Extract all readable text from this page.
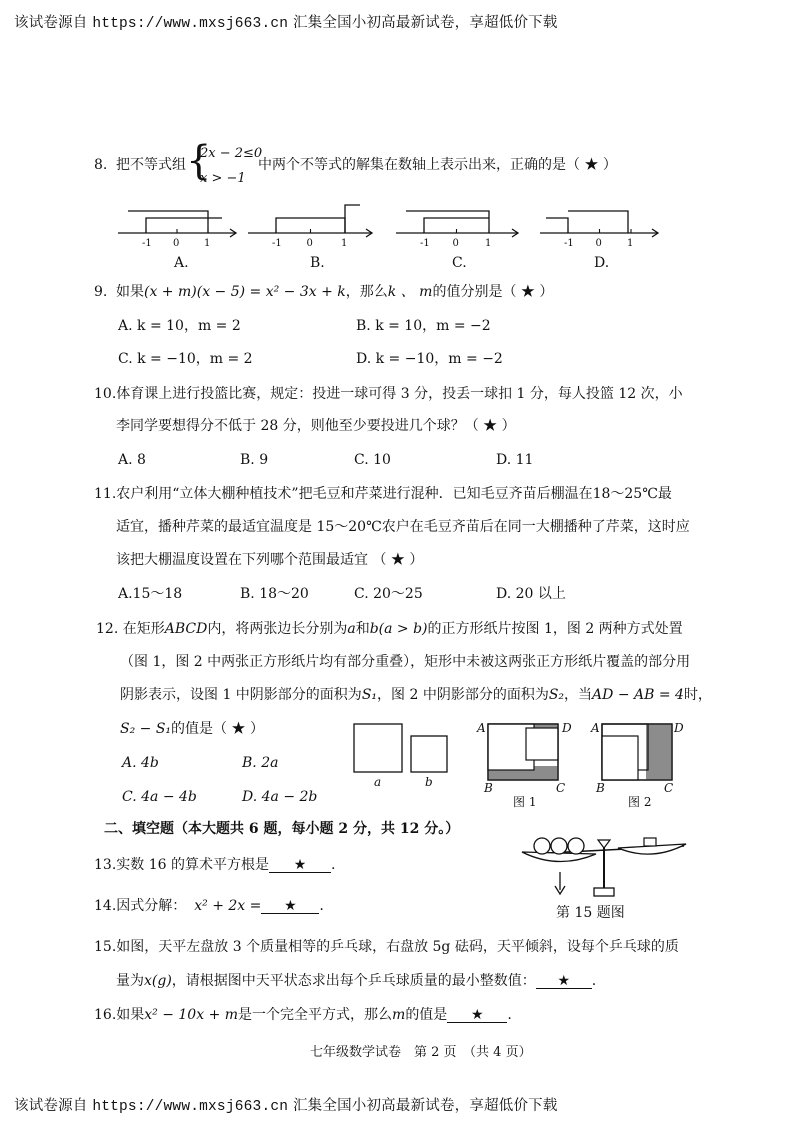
该试卷源自 https://www.mxsj663.cn 汇集全国小初高最新试卷，享超低价下载
8. 把不等式组 {
2x − 2≤0
x > −1
中两个不等式的解集在数轴上表示出来，正确的是（ ★ ）
-1 0 1	-1 0	1	-1 0	1	-1 0	1
A.	B.	C.	D.
9. 如果(x + m)(x − 5) = x² − 3x + k，那么k 、 m的值分别是（ ★ ）
A. k = 10，m = 2	B. k = 10，m = −2
C. k = −10，m = 2	D. k = −10，m = −2
10.体育课上进行投篮比赛，规定：投进一球可得 3 分，投丢一球扣 1 分，每人投篮 12 次，小
李同学要想得分不低于 28 分，则他至少要投进几个球？（ ★ ）
A. 8	B. 9	C. 10	D. 11
11.农户利用“立体大棚种植技术”把毛豆和芹菜进行混种．已知毛豆齐苗后棚温在18～25℃最
适宜，播种芹菜的最适宜温度是 15～20℃农户在毛豆齐苗后在同一大棚播种了芹菜，这时应
该把大棚温度设置在下列哪个范围最适宜 （ ★ ）
A.15～18	B. 18～20	C. 20～25	D. 20 以上
12. 在矩形ABCD内，将两张边长分别为a和b(a > b)的正方形纸片按图 1，图 2 两种方式处置
（图 1，图 2 中两张正方形纸片均有部分重叠），矩形中未被这两张正方形纸片覆盖的部分用
阴影表示，设图 1 中阴影部分的面积为S₁，图 2 中阴影部分的面积为S₂，当AD − AB = 4时，
S₂ − S₁的值是（ ★ ）
A. 4b	B. 2a
C. 4a − 4b	D. 4a − 2b
a	b
A	D
B	C
图 1
A	D
B	C
图 2
二、填空题（本大题共 6 题，每小题 2 分，共 12 分。）
13.实数 16 的算术平方根是 ★ .
14.因式分解： x² + 2x = ★ .	第 15 题图
15.如图，天平左盘放 3 个质量相等的乒乓球，右盘放 5g 砝码，天平倾斜，设每个乒乓球的质
量为x(g)，请根据图中天平状态求出每个乒乓球质量的最小整数值： ★ .
16.如果x² − 10x + m是一个完全平方式，那么m的值是 ★ .
七年级数学试卷　第 2 页　（共 4 页）
该试卷源自 https://www.mxsj663.cn 汇集全国小初高最新试卷，享超低价下载
